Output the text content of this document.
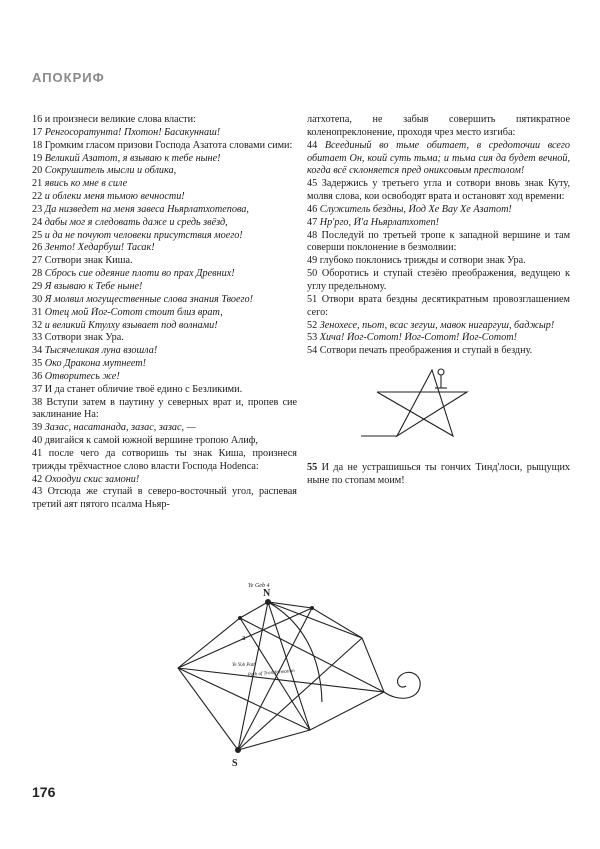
АПОКРИФ
16 и произнеси великие слова власти:
17 Ренгосоратунта! Пхотон! Басакуннаш!
18 Громким гласом призови Господа Азатота словами сими:
19 Великий Азатот, я взываю к тебе ныне!
20 Сокрушитель мысли и облика,
21 явись ко мне в силе
22 и облеки меня тьмою вечности!
23 Да низведет на меня завеса Ньярлатхотепова,
24 дабы мог я следовать даже и средь звёзд,
25 и да не почуют человеки присутствия моего!
26 Зенто! Хедарбуш! Тасак!
27 Сотвори знак Киша.
28 Сбрось сие одеяние плоти во прах Древних!
29 Я взываю к Тебе ныне!
30 Я молвил могущественные слова знания Твоего!
31 Отец мой Йог-Сотот стоит близ врат,
32 и великий Ктулху взывает под волнами!
33 Сотвори знак Ура.
34 Тысячеликая луна взошла!
35 Око Дракона мутнеет!
36 Отворитесь же!
37 И да станет обличие твоё едино с Безликими.
38 Вступи затем в паутину у северных врат и, пропев сие заклинание На:
39 Зазас, насатанада, зазас, зазас, —
40 двигайся к самой южной вершине тропою Алиф,
41 после чего да сотворишь ты знак Киша, произнеся трижды трёхчастное слово власти Господа Нodenса:
42 Охоодуи скис замони!
43 Отсюда же ступай в северо-восточный угол, распевая третий аят пятого псалма Ньяр-
латхотепа, не забыв совершить пятикратное коленопреклонение, проходя чрез место изгиба:
44 Всеединый во тьме обитает, в средоточии всего обитает Он, коий суть тьма; и тьма сия да будет вечной, когда всё склоняется пред оникcовым престолом!
45 Задержись у третьего угла и сотвори вновь знак Куту, молвя слова, кои освободят врата и остановят ход времени:
46 Служитель бездны, Йод Хе Вау Хе Азатот!
47 Нр'рго, Й'а Ньярлатхотеп!
48 Последуй по третьей тропе к западной вершине и там соверши поклонение в безмолвии:
49 глубоко поклонись трижды и сотвори знак Ура.
50 Оборотись и ступай стезёю преображения, ведущею к углу предельному.
51 Отвори врата бездны десятикратным провозглашением сего:
52 Зенохесе, пьот, всас зегуш, мавок нигаргуш, баджыр!
53 Хича! Йог-Сотот! Йог-Сотот! Йог-Сотот!
54 Сотвори печать преображения и ступай в бездну.
55 И да не устрашишься ты гончих Тинд'лоси, рыщущих ныне по стопам моим!
N
S
Ye Geb 4
a
Ye Yob Path
Path of Transformation
176
